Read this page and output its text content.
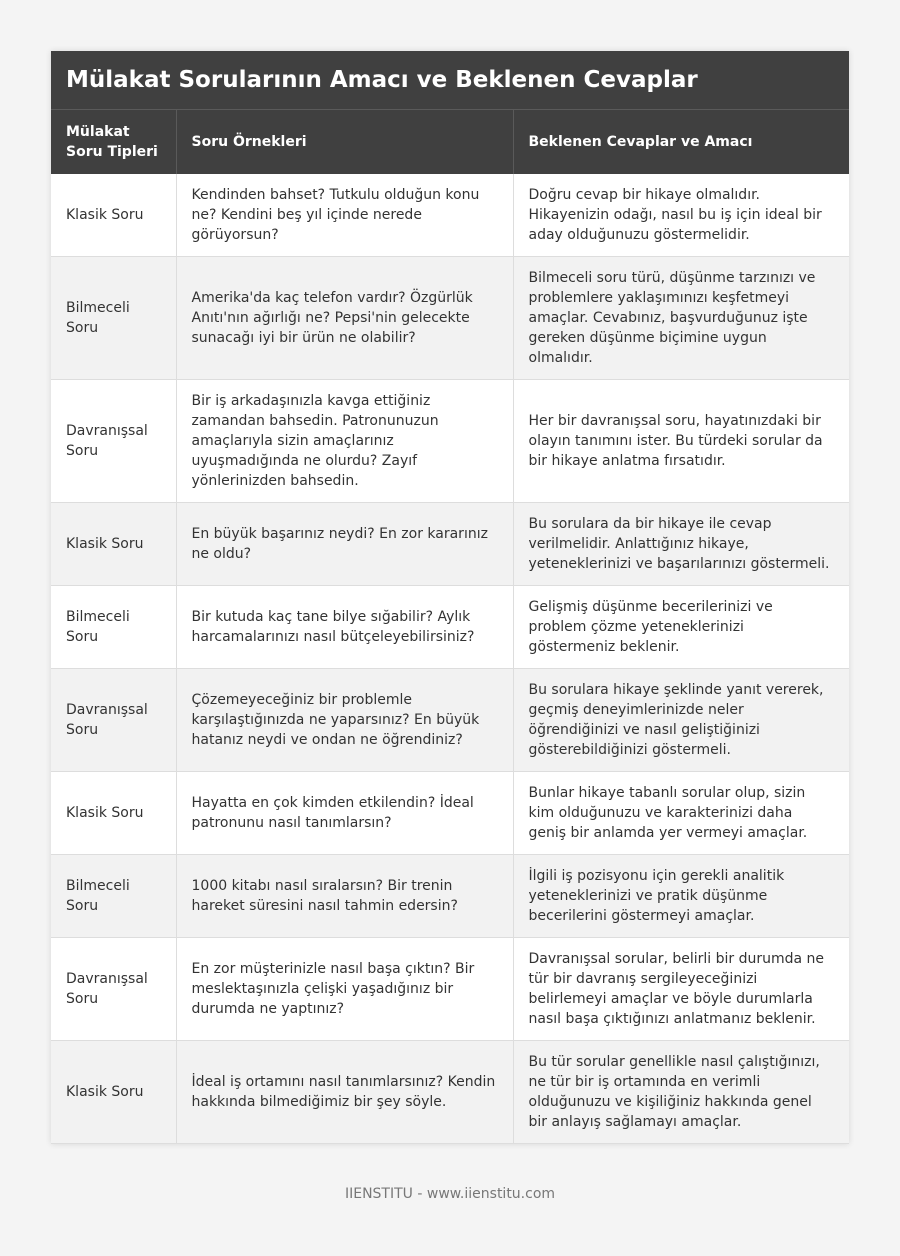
Mülakat Sorularının Amacı ve Beklenen Cevaplar
Mülakat Soru Tipleri	Soru Örnekleri	Beklenen Cevaplar ve Amacı
Klasik Soru	Kendinden bahset? Tutkulu olduğun konu ne? Kendini beş yıl içinde nerede görüyorsun?	Doğru cevap bir hikaye olmalıdır. Hikayenizin odağı, nasıl bu iş için ideal bir aday olduğunuzu göstermelidir.
Bilmeceli Soru	Amerika'da kaç telefon vardır? Özgürlük Anıtı'nın ağırlığı ne? Pepsi'nin gelecekte sunacağı iyi bir ürün ne olabilir?	Bilmeceli soru türü, düşünme tarzınızı ve problemlere yaklaşımınızı keşfetmeyi amaçlar. Cevabınız, başvurduğunuz işte gereken düşünme biçimine uygun olmalıdır.
Davranışsal Soru	Bir iş arkadaşınızla kavga ettiğiniz zamandan bahsedin. Patronunuzun amaçlarıyla sizin amaçlarınız uyuşmadığında ne olurdu? Zayıf yönlerinizden bahsedin.	Her bir davranışsal soru, hayatınızdaki bir olayın tanımını ister. Bu türdeki sorular da bir hikaye anlatma fırsatıdır.
Klasik Soru	En büyük başarınız neydi? En zor kararınız ne oldu?	Bu sorulara da bir hikaye ile cevap verilmelidir. Anlattığınız hikaye, yeteneklerinizi ve başarılarınızı göstermeli.
Bilmeceli Soru	Bir kutuda kaç tane bilye sığabilir? Aylık harcamalarınızı nasıl bütçeleyebilirsiniz?	Gelişmiş düşünme becerilerinizi ve problem çözme yeteneklerinizi göstermeniz beklenir.
Davranışsal Soru	Çözemeyeceğiniz bir problemle karşılaştığınızda ne yaparsınız? En büyük hatanız neydi ve ondan ne öğrendiniz?	Bu sorulara hikaye şeklinde yanıt vererek, geçmiş deneyimlerinizde neler öğrendiğinizi ve nasıl geliştiğinizi gösterebildiğinizi göstermeli.
Klasik Soru	Hayatta en çok kimden etkilendin? İdeal patronunu nasıl tanımlarsın?	Bunlar hikaye tabanlı sorular olup, sizin kim olduğunuzu ve karakterinizi daha geniş bir anlamda yer vermeyi amaçlar.
Bilmeceli Soru	1000 kitabı nasıl sıralarsın? Bir trenin hareket süresini nasıl tahmin edersin?	İlgili iş pozisyonu için gerekli analitik yeteneklerinizi ve pratik düşünme becerilerini göstermeyi amaçlar.
Davranışsal Soru	En zor müşterinizle nasıl başa çıktın? Bir meslektaşınızla çelişki yaşadığınız bir durumda ne yaptınız?	Davranışsal sorular, belirli bir durumda ne tür bir davranış sergileyeceğinizi belirlemeyi amaçlar ve böyle durumlarla nasıl başa çıktığınızı anlatmanız beklenir.
Klasik Soru	İdeal iş ortamını nasıl tanımlarsınız? Kendin hakkında bilmediğimiz bir şey söyle.	Bu tür sorular genellikle nasıl çalıştığınızı, ne tür bir iş ortamında en verimli olduğunuzu ve kişiliğiniz hakkında genel bir anlayış sağlamayı amaçlar.
IIENSTITU - www.iienstitu.com
